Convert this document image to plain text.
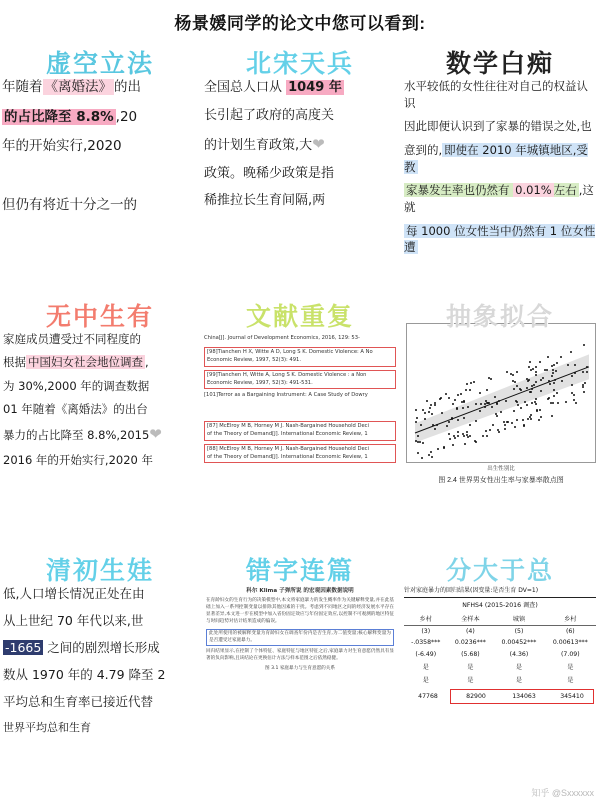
杨景媛同学的论文中您可以看到:
虚空立法

年随着 《离婚法》 的出

的占比降至 8.8% ,20

年的开始实行,2020

但仍有将近十分之一的

北宋天兵

全国总人口从 1049 年

长引起了政府的高度关

的计划生育政策,大❤

政策。晚稀少政策是指

稀推拉长生育间隔,两

数学白痴

水平较低的女性往往对自己的权益认识

因此即便认识到了家暴的错误之处,也

意到的, 即使在 2010 年城镇地区,受教

家暴发生率也仍然有 0.01% 左右 ,这就

每 1000 位女性当中仍然有 1 位女性遭

无中生有

家庭成员遭受过不同程度的

根据 中国妇女社会地位调查 ,

为 30%,2000 年的调查数据

01 年随着《离婚法》的出台

暴力的占比降至 8.8%,2015❤

2016 年的开始实行,2020 年

文献重复
China[J]. Journal of Development Economics, 2016, 129: 53-
[98]Tianchen H X, Witte A D, Long S K. Domestic Violence: A No
Economic Review, 1997, 52(3): 491.
[99]Tianchen H, Witte A, Long S K. Domestic Violence : a Non
Economic Review, 1997, 52(3): 491-531.
[101]Terror as a Bargaining Instrument: A Case Study of Dowry
[87] McElroy M B, Horney M J. Nash-Bargained Household Deci
of the Theory of Demand[J]. International Economic Review, 1
[88] McElroy M B, Horney M J. Nash-Bargained Household Deci
of the Theory of Demand[J]. International Economic Review, 1
抽象拟合
出生性别比
图 2.4 世界男女性出生率与家暴率散点图
清初生娃

低,人口增长情况正处在由

从上世纪 70 年代以来,世

-1665 之间的剧烈增长形成

数从 1970 年的 4.79 降至 2

平均总和生育率已接近代替

世界平均总和生育

错字连篇
科尔 Klima 子弹所说 的宏观因素数据说明
在育龄妇女的生育行为的决策模型中,本文将家庭暴力的发生概率作为关键解释变量,并在此基础上加入一系列控制变量以排除其他因素的干扰。考虑到不同地区之间的经济发展水平存在显著差异,本文进一步在模型中加入省份固定效应与年份固定效应,以控制不可观测的地区特征与时间趋势对估计结果造成的偏误。
此处所使用的被解释变量为育龄妇女在调查年份内是否生育,为二值变量;核心解释变量为是否遭受过家庭暴力。
回归结果显示,在控制了个体特征、家庭特征与地区特征之后,家庭暴力对生育意愿仍然具有显著的负向影响,且该结论在更换估计方法与样本范围之后依然稳健。
图 3.1 家庭暴力与生育意愿的关系
分大于总
针对家庭暴力的回归结果(因变量:是否生育 DV=1)
NFHS4 (2015-2016 调查)			
乡村	全样本	城镇	乡村
(3)	(4)	(5)	(6)
-.0358***	0.0236***	0.00452***	0.00613***
(-6.49)	(5.68)	(4.36)	(7.09)
是	是	是	是
是	是	是	是
47768	82900	134063	345410
知乎 @Sxxxxxx
